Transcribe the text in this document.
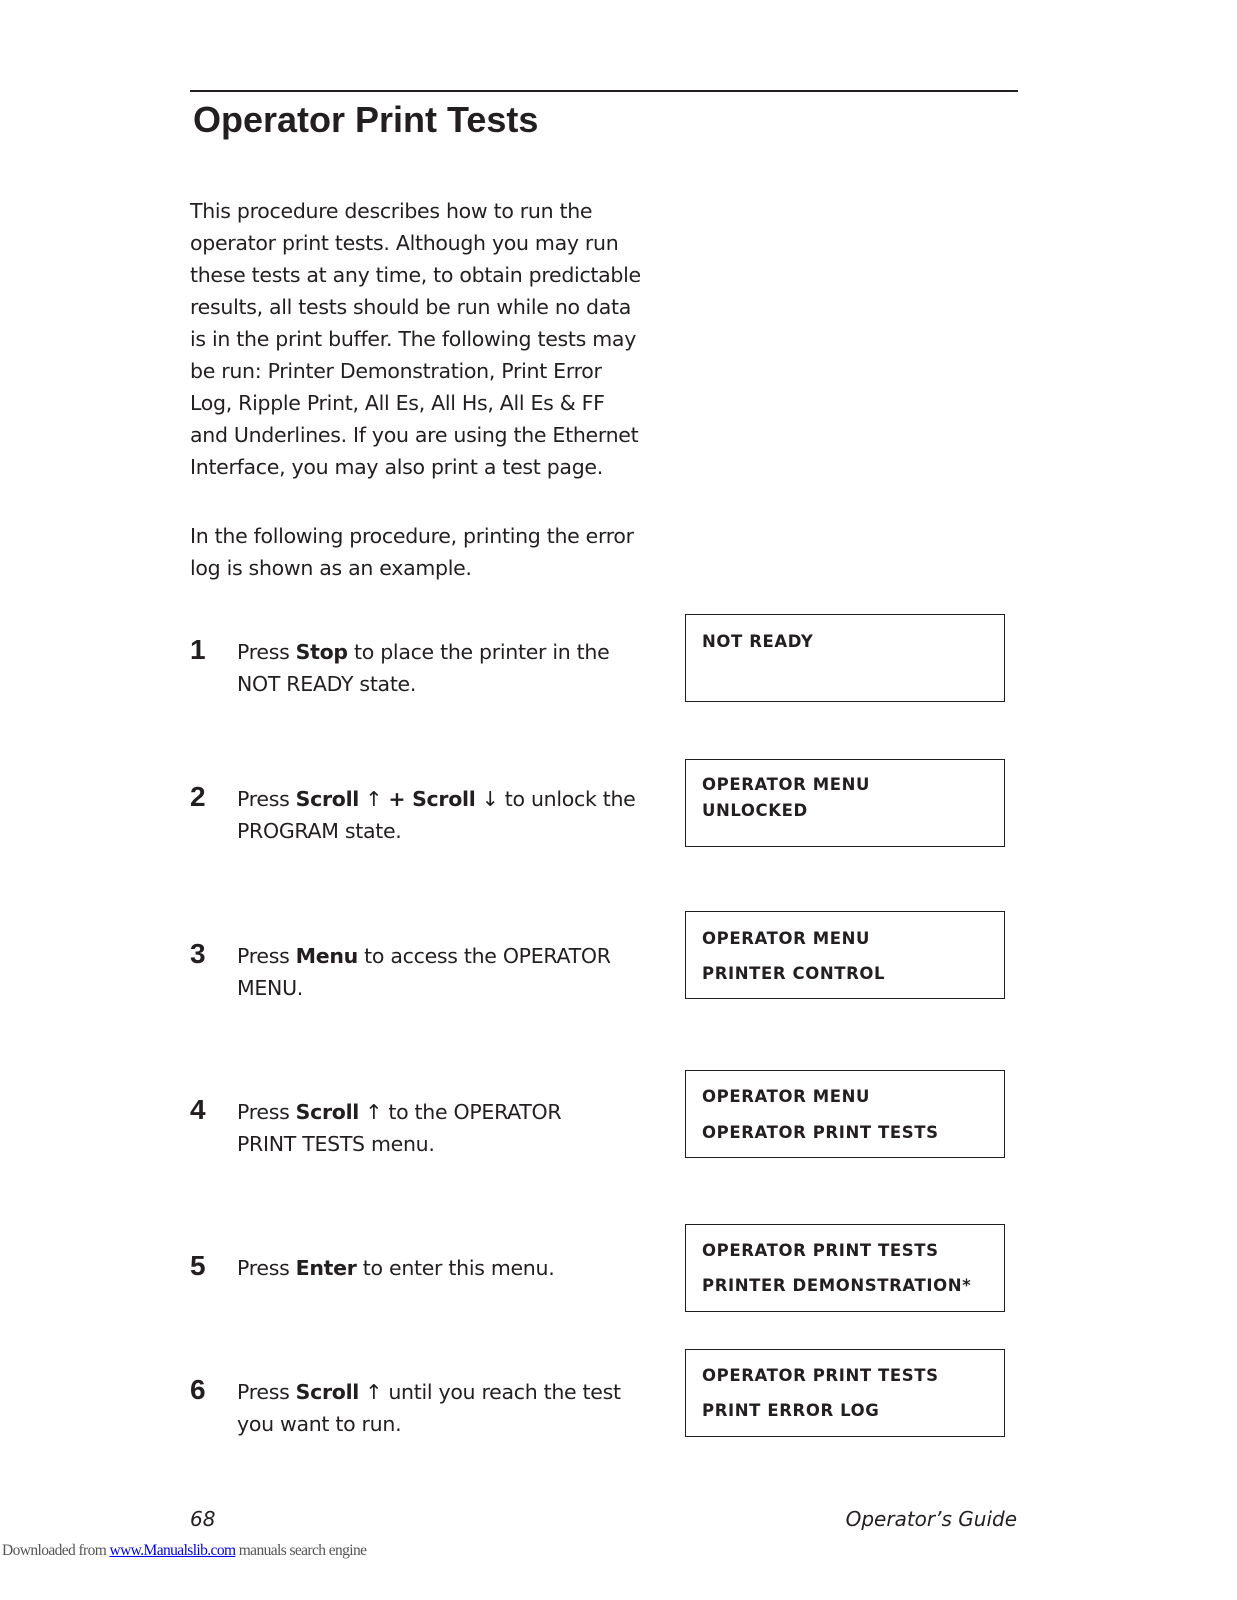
Operator Print Tests

This procedure describes how to run the
operator print tests. Although you may run
these tests at any time, to obtain predictable
results, all tests should be run while no data
is in the print buffer. The following tests may
be run: Printer Demonstration, Print Error
Log, Ripple Print, All Es, All Hs, All Es & FF
and Underlines. If you are using the Ethernet
Interface, you may also print a test page.

In the following procedure, printing the error
log is shown as an example.

1 Press Stop to place the printer in the
NOT READY state.

NOT READY
2 Press Scroll ↑ + Scroll ↓ to unlock the
PROGRAM state.

OPERATOR MENU
UNLOCKED
3 Press Menu to access the OPERATOR
MENU.

OPERATOR MENU
PRINTER CONTROL
4 Press Scroll ↑ to the OPERATOR
PRINT TESTS menu.

OPERATOR MENU
OPERATOR PRINT TESTS
5 Press Enter to enter this menu.

OPERATOR PRINT TESTS
PRINTER DEMONSTRATION*
6 Press Scroll ↑ until you reach the test
you want to run.

OPERATOR PRINT TESTS
PRINT ERROR LOG
68	Operator’s Guide
Downloaded from www.Manualslib.com manuals search engine
